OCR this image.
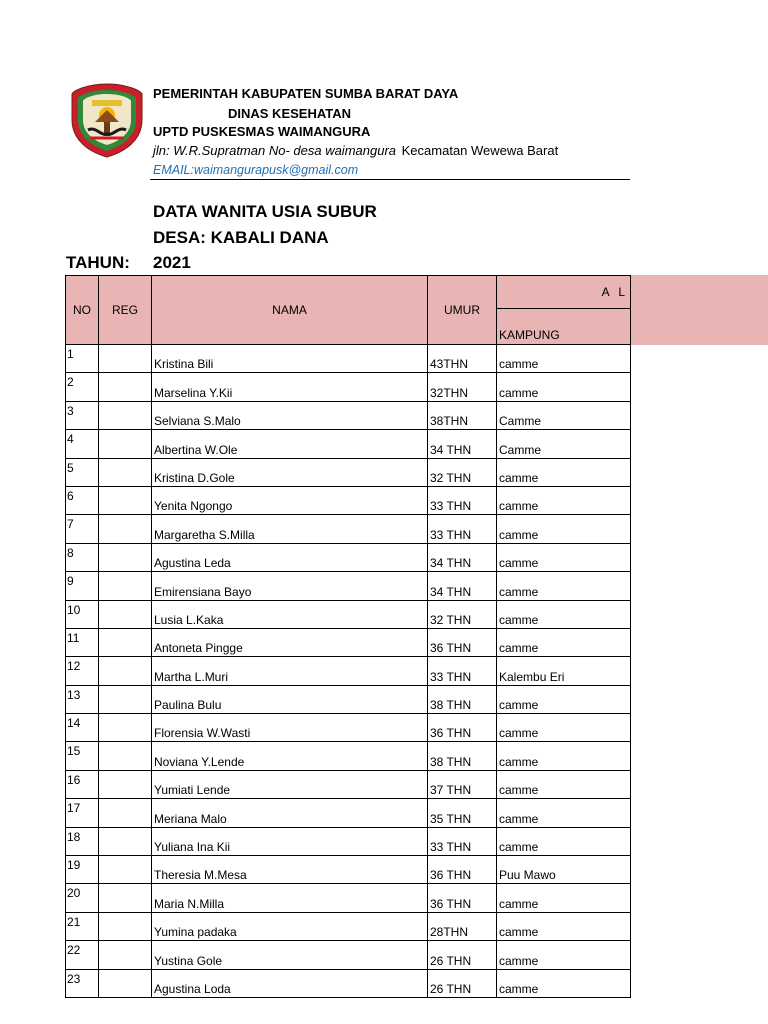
PEMERINTAH KABUPATEN SUMBA BARAT DAYA
DINAS KESEHATAN
UPTD PUSKESMAS WAIMANGURA
jln: W.R.Supratman No- desa waimangura Kecamatan Wewewa Barat
EMAIL:waimangurapusk@gmail.com
DATA WANITA USIA SUBUR
DESA: KABALI DANA
TAHUN: 2021
NO	REG	NAMA	UMUR	A L
				KAMPUNG
1		Kristina Bili	43THN	camme
2		Marselina Y.Kii	32THN	camme
3		Selviana S.Malo	38THN	Camme
4		Albertina W.Ole	34 THN	Camme
5		Kristina D.Gole	32 THN	camme
6		Yenita Ngongo	33 THN	camme
7		Margaretha S.Milla	33 THN	camme
8		Agustina Leda	34 THN	camme
9		Emirensiana Bayo	34 THN	camme
10		Lusia L.Kaka	32 THN	camme
11		Antoneta Pingge	36 THN	camme
12		Martha L.Muri	33 THN	Kalembu Eri
13		Paulina Bulu	38 THN	camme
14		Florensia W.Wasti	36 THN	camme
15		Noviana Y.Lende	38 THN	camme
16		Yumiati Lende	37 THN	camme
17		Meriana Malo	35 THN	camme
18		Yuliana Ina Kii	33 THN	camme
19		Theresia M.Mesa	36 THN	Puu Mawo
20		Maria N.Milla	36 THN	camme
21		Yumina padaka	28THN	camme
22		Yustina Gole	26 THN	camme
23		Agustina Loda	26 THN	camme
